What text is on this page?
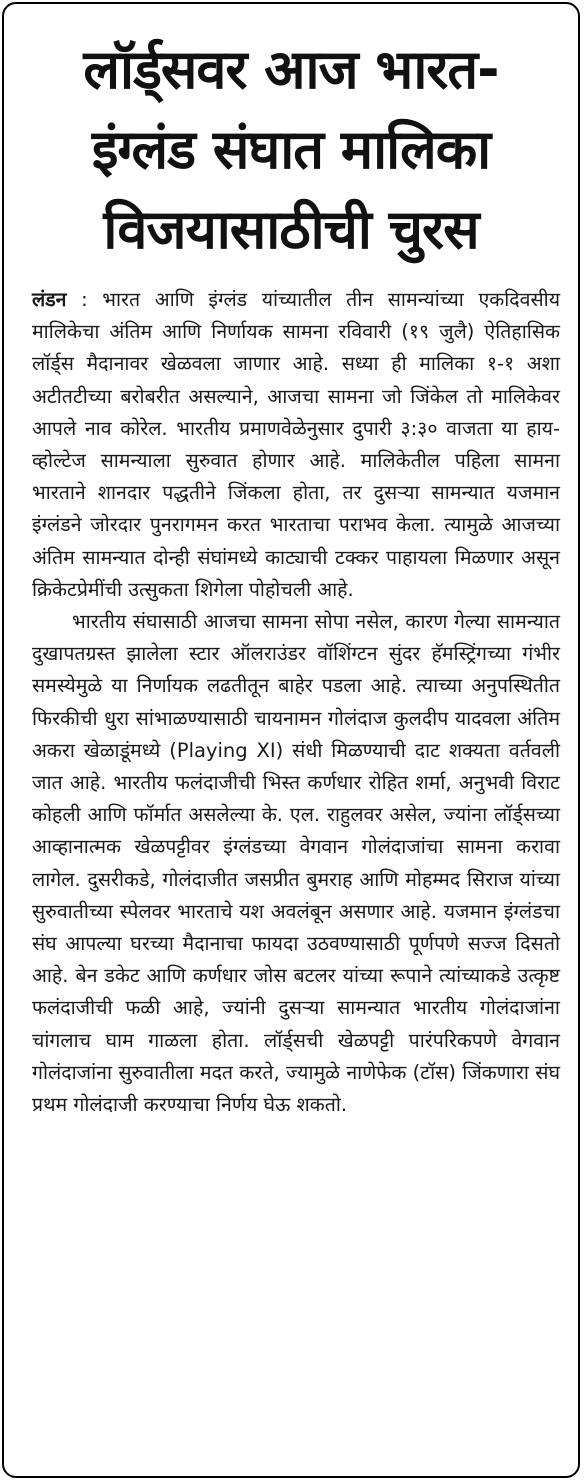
लॉर्ड्सवर आज भारत-
इंग्लंड संघात मालिका
विजयासाठीची चुरस

लंडन : भारत आणि इंग्लंड यांच्यातील तीन सामन्यांच्या एकदिवसीय मालिकेचा अंतिम आणि निर्णायक सामना रविवारी (१९ जुलै) ऐतिहासिक लॉर्ड्स मैदानावर खेळवला जाणार आहे. सध्या ही मालिका १-१ अशा अटीतटीच्या बरोबरीत असल्याने, आजचा सामना जो जिंकेल तो मालिकेवर आपले नाव कोरेल. भारतीय प्रमाणवेळेनुसार दुपारी ३:३० वाजता या हाय-व्होल्टेज सामन्याला सुरुवात होणार आहे. मालिकेतील पहिला सामना भारताने शानदार पद्धतीने जिंकला होता, तर दुसऱ्या सामन्यात यजमान इंग्लंडने जोरदार पुनरागमन करत भारताचा पराभव केला. त्यामुळे आजच्या अंतिम सामन्यात दोन्ही संघांमध्ये काट्याची टक्कर पाहायला मिळणार असून क्रिकेटप्रेमींची उत्सुकता शिगेला पोहोचली आहे.

भारतीय संघासाठी आजचा सामना सोपा नसेल, कारण गेल्या सामन्यात दुखापतग्रस्त झालेला स्टार ऑलराउंडर वॉशिंग्टन सुंदर हॅमस्ट्रिंगच्या गंभीर समस्येमुळे या निर्णायक लढतीतून बाहेर पडला आहे. त्याच्या अनुपस्थितीत फिरकीची धुरा सांभाळण्यासाठी चायनामन गोलंदाज कुलदीप यादवला अंतिम अकरा खेळाडूंमध्ये (Playing XI) संधी मिळण्याची दाट शक्यता वर्तवली जात आहे. भारतीय फलंदाजीची भिस्त कर्णधार रोहित शर्मा, अनुभवी विराट कोहली आणि फॉर्मात असलेल्या के. एल. राहुलवर असेल, ज्यांना लॉर्ड्सच्या आव्हानात्मक खेळपट्टीवर इंग्लंडच्या वेगवान गोलंदाजांचा सामना करावा लागेल. दुसरीकडे, गोलंदाजीत जसप्रीत बुमराह आणि मोहम्मद सिराज यांच्या सुरुवातीच्या स्पेलवर भारताचे यश अवलंबून असणार आहे. यजमान इंग्लंडचा संघ आपल्या घरच्या मैदानाचा फायदा उठवण्यासाठी पूर्णपणे सज्ज दिसतो आहे. बेन डकेट आणि कर्णधार जोस बटलर यांच्या रूपाने त्यांच्याकडे उत्कृष्ट फलंदाजीची फळी आहे, ज्यांनी दुसऱ्या सामन्यात भारतीय गोलंदाजांना चांगलाच घाम गाळला होता. लॉर्ड्सची खेळपट्टी पारंपरिकपणे वेगवान गोलंदाजांना सुरुवातीला मदत करते, ज्यामुळे नाणेफेक (टॉस) जिंकणारा संघ प्रथम गोलंदाजी करण्याचा निर्णय घेऊ शकतो.
